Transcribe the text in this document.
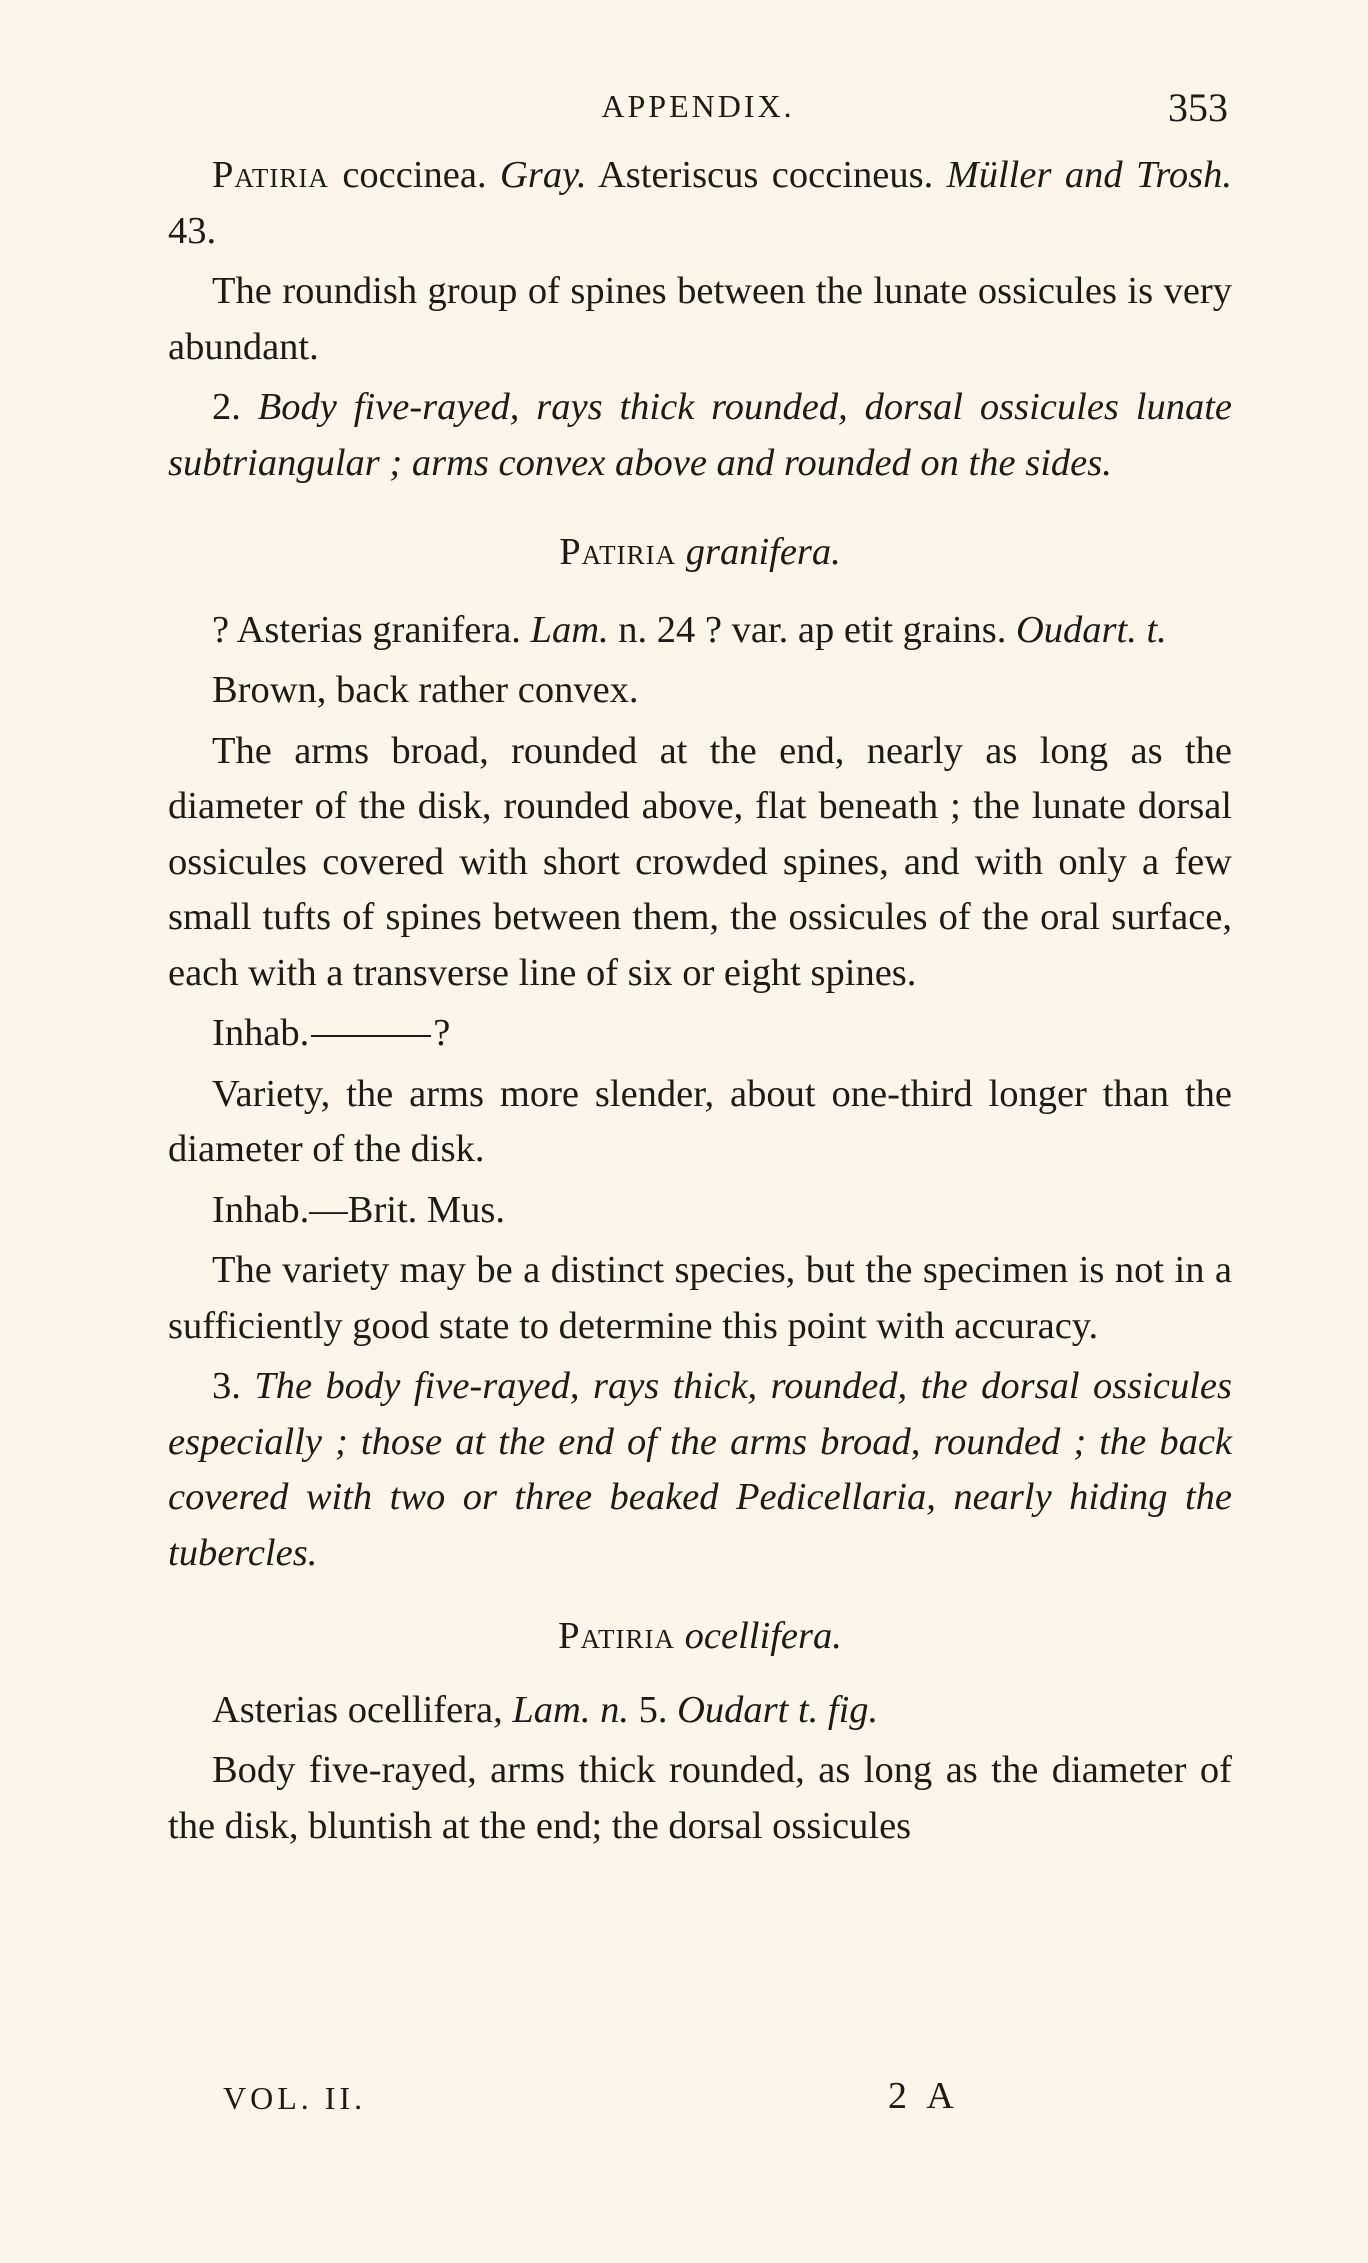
APPENDIX.	353

Patiria coccinea. Gray. Asteriscus coccineus. Müller and Trosh. 43.

The roundish group of spines between the lunate ossicules is very abundant.

2. Body five-rayed, rays thick rounded, dorsal ossicules lunate subtriangular ; arms convex above and rounded on the sides.

Patiria granifera.

? Asterias granifera. Lam. n. 24 ? var. ap etit grains. Oudart. t.

Brown, back rather convex.

The arms broad, rounded at the end, nearly as long as the diameter of the disk, rounded above, flat beneath ; the lunate dorsal ossicules covered with short crowded spines, and with only a few small tufts of spines between them, the ossicules of the oral surface, each with a transverse line of six or eight spines.

Inhab.	?

Variety, the arms more slender, about one-third longer than the diameter of the disk.

Inhab.—Brit. Mus.

The variety may be a distinct species, but the specimen is not in a sufficiently good state to determine this point with accuracy.

3. The body five-rayed, rays thick, rounded, the dorsal ossicules especially ; those at the end of the arms broad, rounded ; the back covered with two or three beaked Pedicellaria, nearly hiding the tubercles.

Patiria ocellifera.

Asterias ocellifera, Lam. n. 5. Oudart t. fig.

Body five-rayed, arms thick rounded, as long as the diameter of the disk, bluntish at the end; the dorsal ossicules

VOL. II.	2 A
